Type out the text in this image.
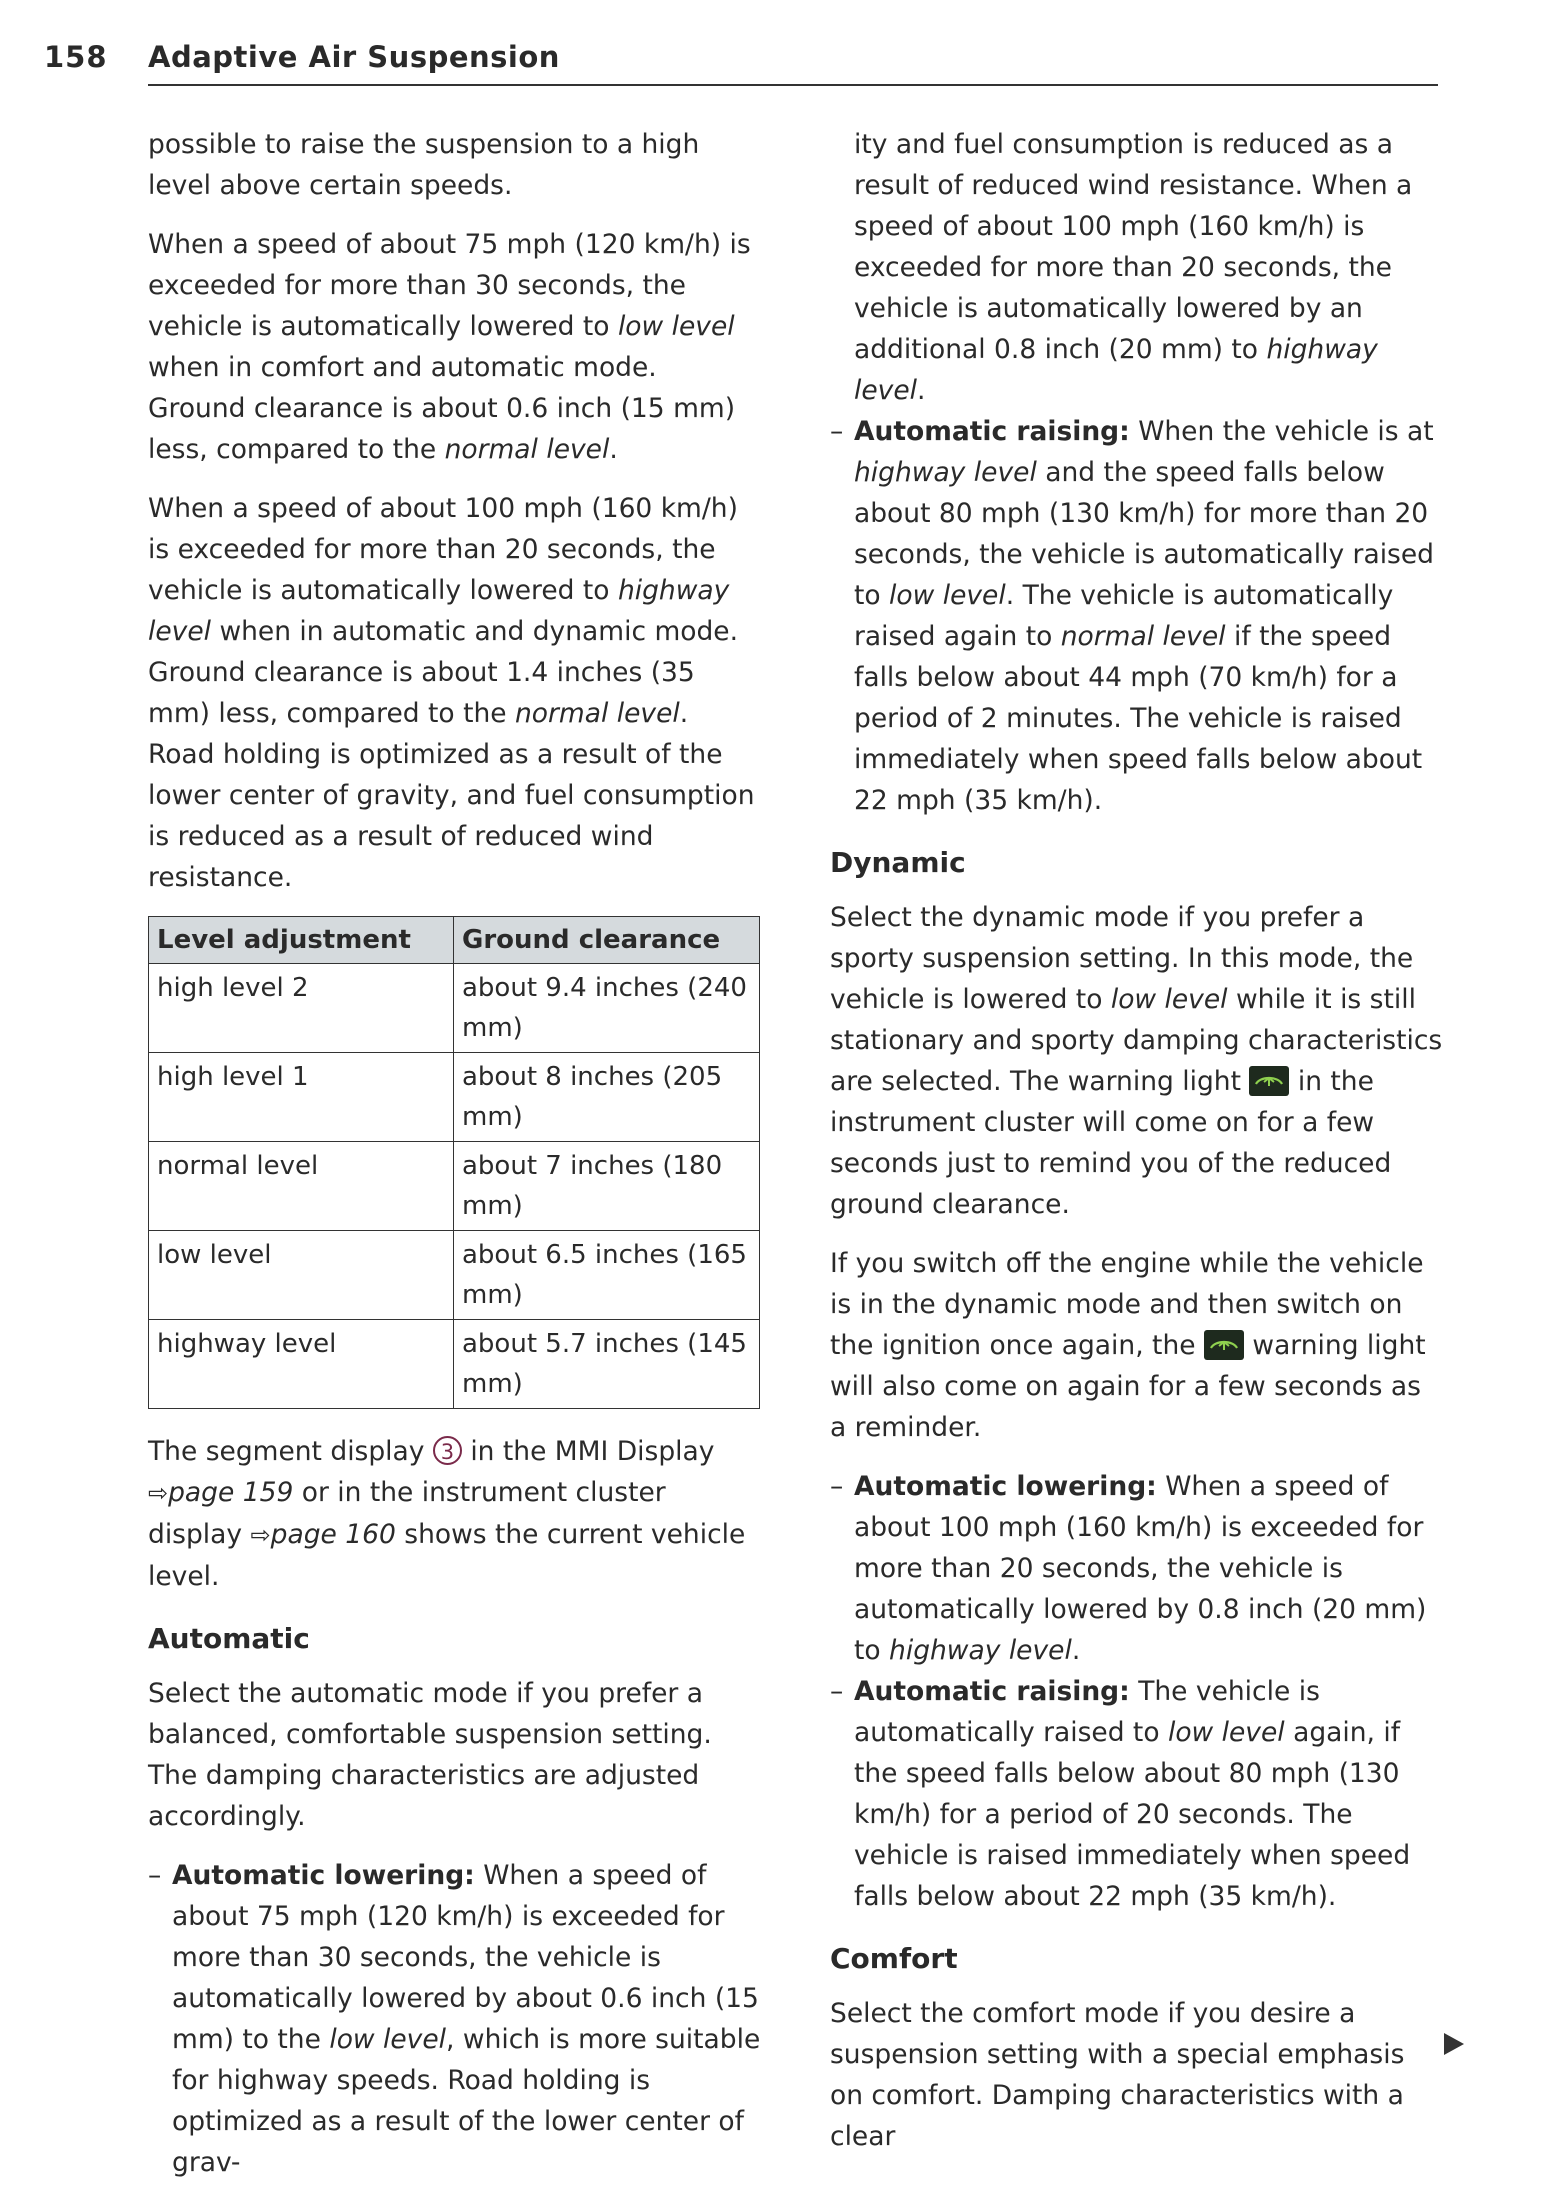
158 Adaptive Air Suspension

possible to raise the suspension to a high level above certain speeds.

When a speed of about 75 mph (120 km/h) is exceeded for more than 30 seconds, the vehicle is automatically lowered to low level when in comfort and automatic mode. Ground clearance is about 0.6 inch (15 mm) less, compared to the normal level.

When a speed of about 100 mph (160 km/h) is exceeded for more than 20 seconds, the vehicle is automatically lowered to highway level when in automatic and dynamic mode. Ground clearance is about 1.4 inches (35 mm) less, compared to the normal level. Road holding is optimized as a result of the lower center of gravity, and fuel consumption is reduced as a result of reduced wind resistance.

Level adjustment	Ground clearance
high level 2	about 9.4 inches (240 mm)
high level 1	about 8 inches (205 mm)
normal level	about 7 inches (180 mm)
low level	about 6.5 inches (165 mm)
highway level	about 5.7 inches (145 mm)

The segment display 3 in the MMI Display ⇨page 159 or in the instrument cluster display ⇨page 160 shows the current vehicle level.

Automatic

Select the automatic mode if you prefer a balanced, comfortable suspension setting. The damping characteristics are adjusted accordingly.

– Automatic lowering: When a speed of about 75 mph (120 km/h) is exceeded for more than 30 seconds, the vehicle is automatically lowered by about 0.6 inch (15 mm) to the low level, which is more suitable for highway speeds. Road holding is optimized as a result of the lower center of grav-

ity and fuel consumption is reduced as a result of reduced wind resistance. When a speed of about 100 mph (160 km/h) is exceeded for more than 20 seconds, the vehicle is automatically lowered by an additional 0.8 inch (20 mm) to highway level.

– Automatic raising: When the vehicle is at highway level and the speed falls below about 80 mph (130 km/h) for more than 20 seconds, the vehicle is automatically raised to low level. The vehicle is automatically raised again to normal level if the speed falls below about 44 mph (70 km/h) for a period of 2 minutes. The vehicle is raised immediately when speed falls below about 22 mph (35 km/h).

Dynamic

Select the dynamic mode if you prefer a sporty suspension setting. In this mode, the vehicle is lowered to low level while it is still stationary and sporty damping characteristics are selected. The warning light
in the instrument cluster will come on for a few seconds just to remind you of the reduced ground clearance.

If you switch off the engine while the vehicle is in the dynamic mode and then switch on the ignition once again, the
warning light will also come on again for a few seconds as a reminder.

– Automatic lowering: When a speed of about 100 mph (160 km/h) is exceeded for more than 20 seconds, the vehicle is automatically lowered by 0.8 inch (20 mm) to highway level.

– Automatic raising: The vehicle is automatically raised to low level again, if the speed falls below about 80 mph (130 km/h) for a period of 20 seconds. The vehicle is raised immediately when speed falls below about 22 mph (35 km/h).

Comfort

Select the comfort mode if you desire a suspension setting with a special emphasis on comfort. Damping characteristics with a clear
